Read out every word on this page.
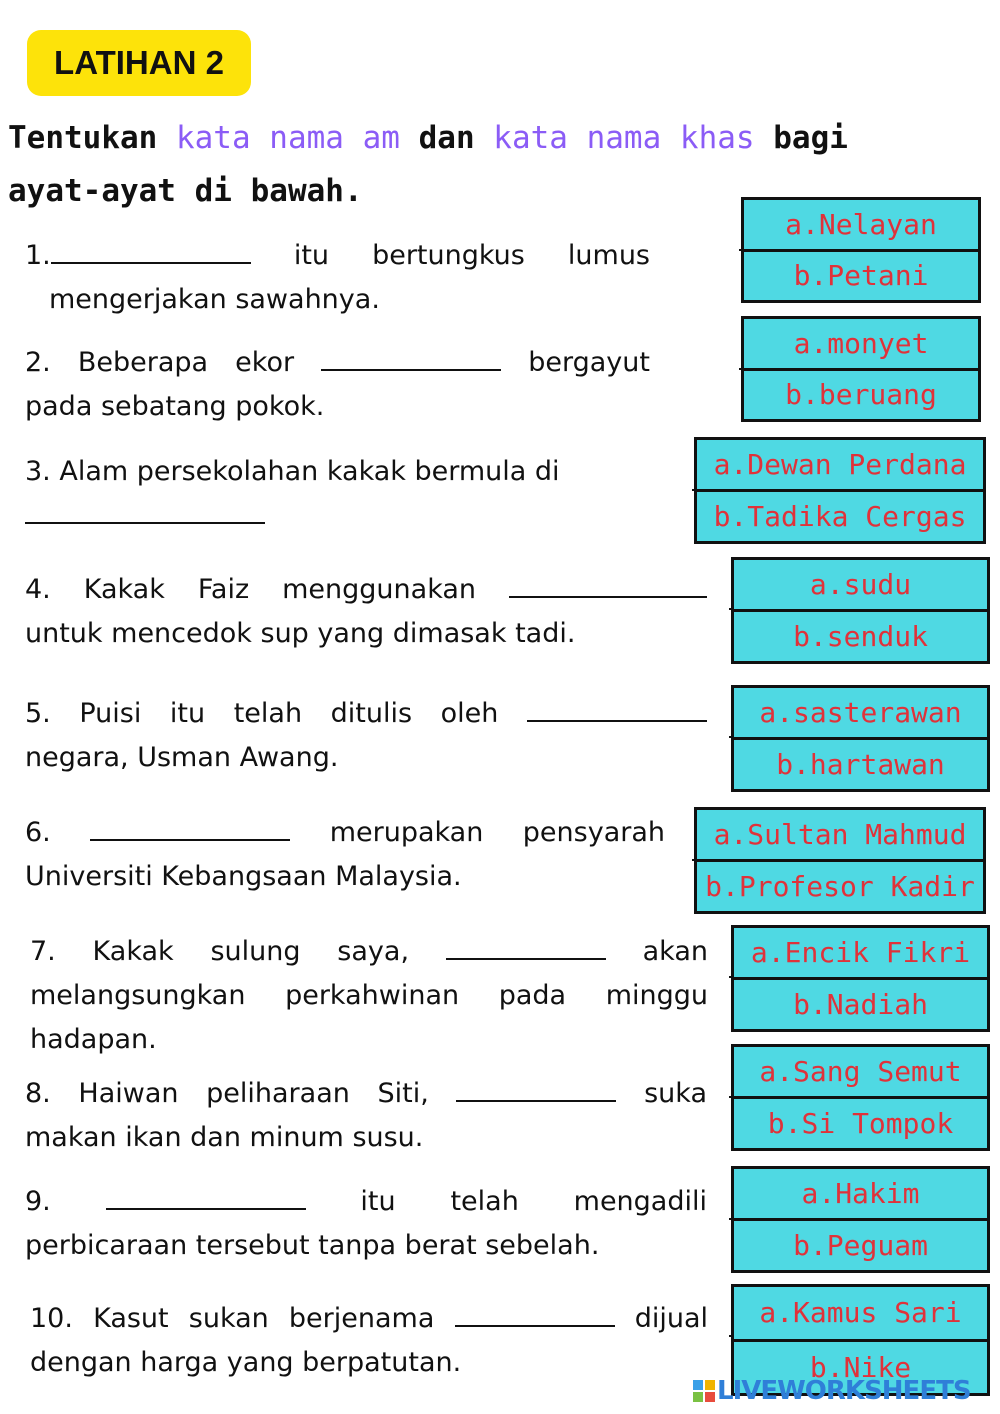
LATIHAN 2
Tentukan kata nama am dan kata nama khas bagi ayat-ayat di bawah.
1.	itu bertungkus lumus
mengerjakan sawahnya.
a.Nelayan
b.Petani
2. Beberapa ekor	bergayut
pada sebatang pokok.
a.monyet
b.beruang
3. Alam persekolahan kakak bermula di	a.Dewan Perdana
b.Tadika Cergas
4. Kakak Faiz menggunakan
untuk mencedok sup yang dimasak tadi.
a.sudu
b.senduk
5. Puisi itu telah ditulis oleh
negara, Usman Awang.
a.sasterawan
b.hartawan
6.	merupakan pensyarah
Universiti Kebangsaan Malaysia.
a.Sultan Mahmud
b.Profesor Kadir
7. Kakak sulung saya,	akan
melangsungkan perkahwinan pada minggu
hadapan.
a.Encik Fikri
b.Nadiah
8. Haiwan peliharaan Siti,	suka
makan ikan dan minum susu.
a.Sang Semut
b.Si Tompok
9.	itu telah mengadili
perbicaraan tersebut tanpa berat sebelah.
a.Hakim
b.Peguam
10. Kasut sukan berjenama	dijual
dengan harga yang berpatutan.
a.Kamus Sari
b.Nike
LIVEWORKSHEETS
